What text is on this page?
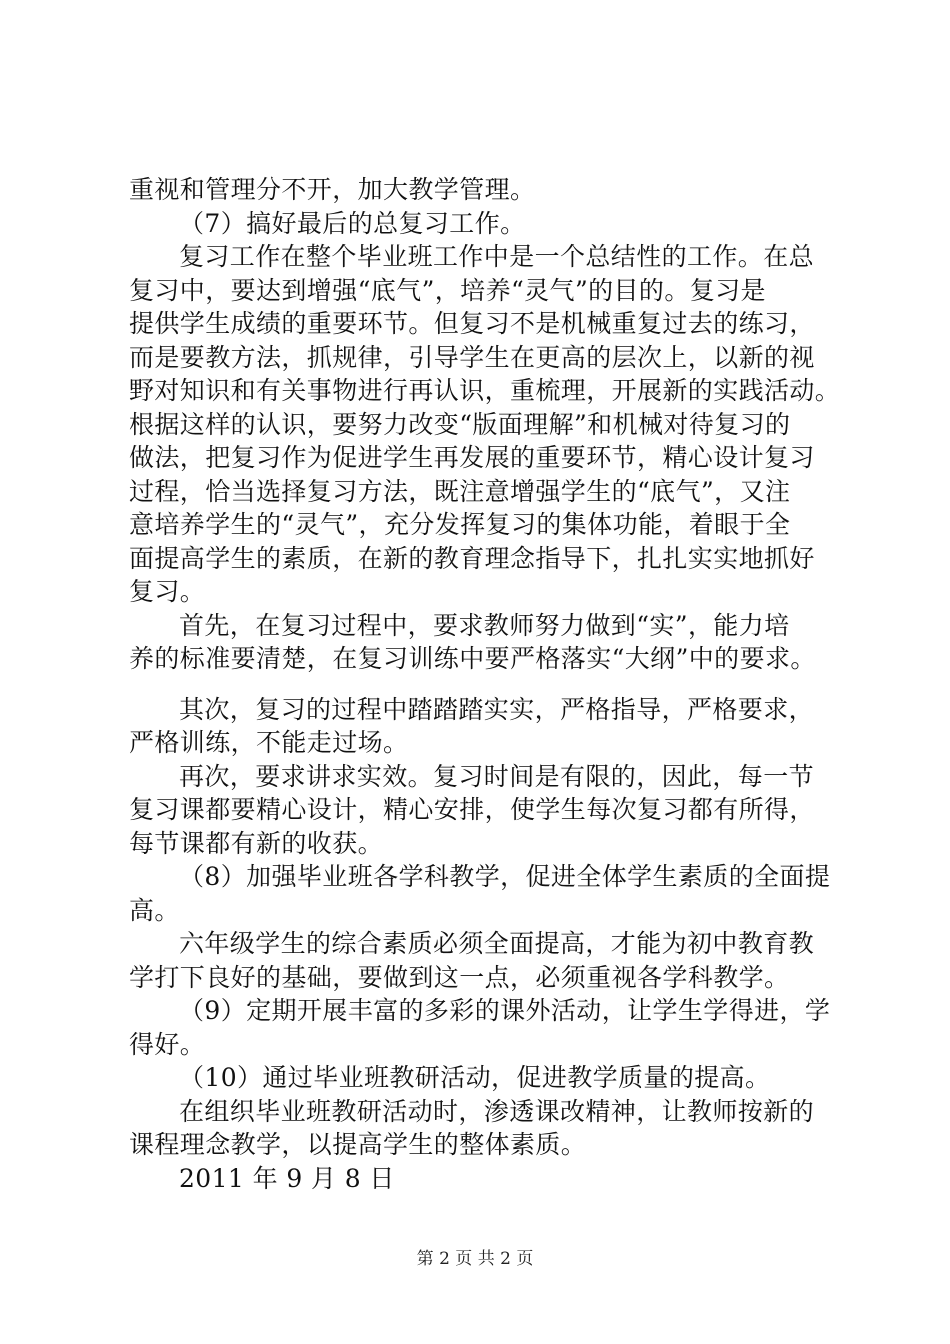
重视和管理分不开，加大教学管理。
（7）搞好最后的总复习工作。
复习工作在整个毕业班工作中是一个总结性的工作。在总
复习中，要达到增强“底气”，培养“灵气”的目的。复习是
提供学生成绩的重要环节。但复习不是机械重复过去的练习，
而是要教方法，抓规律，引导学生在更高的层次上，以新的视
野对知识和有关事物进行再认识，重梳理，开展新的实践活动。
根据这样的认识，要努力改变“版面理解”和机械对待复习的
做法，把复习作为促进学生再发展的重要环节，精心设计复习
过程，恰当选择复习方法，既注意增强学生的“底气”，又注
意培养学生的“灵气”，充分发挥复习的集体功能，着眼于全
面提高学生的素质，在新的教育理念指导下，扎扎实实地抓好
复习。
首先，在复习过程中，要求教师努力做到“实”，能力培
养的标准要清楚，在复习训练中要严格落实“大纲”中的要求。
其次，复习的过程中踏踏踏实实，严格指导，严格要求，
严格训练，不能走过场。
再次，要求讲求实效。复习时间是有限的，因此，每一节
复习课都要精心设计，精心安排，使学生每次复习都有所得，
每节课都有新的收获。
（8）加强毕业班各学科教学，促进全体学生素质的全面提
高。
六年级学生的综合素质必须全面提高，才能为初中教育教
学打下良好的基础，要做到这一点，必须重视各学科教学。
（9）定期开展丰富的多彩的课外活动，让学生学得进，学
得好。
（10）通过毕业班教研活动，促进教学质量的提高。
在组织毕业班教研活动时，渗透课改精神，让教师按新的
课程理念教学，以提高学生的整体素质。
2011 年 9 月 8 日
第 2 页 共 2 页
